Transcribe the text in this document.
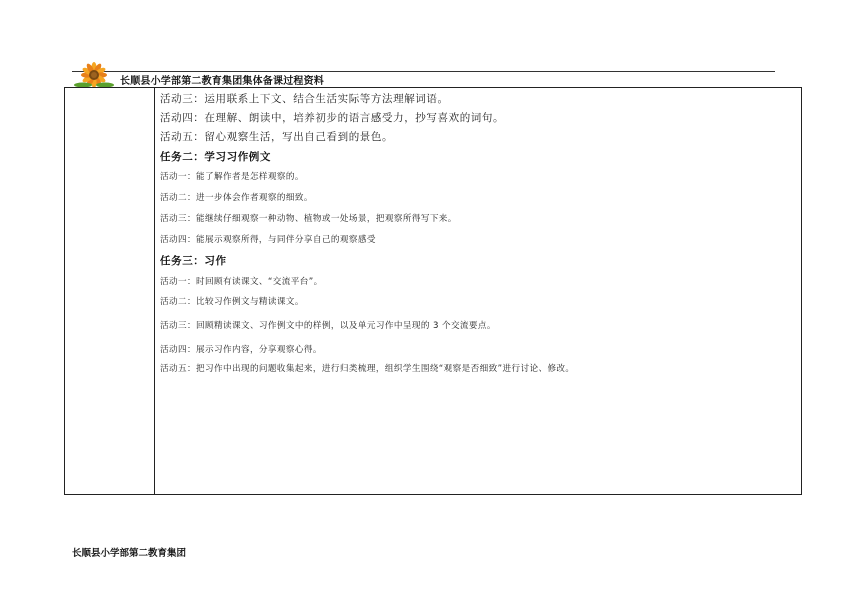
长顺县小学部第二教育集团集体备课过程资料
活动三：运用联系上下文、结合生活实际等方法理解词语。
活动四：在理解、朗读中，培养初步的语言感受力，抄写喜欢的词句。
活动五：留心观察生活，写出自己看到的景色。
任务二：学习习作例文
活动一：能了解作者是怎样观察的。
活动二：进一步体会作者观察的细致。
活动三：能继续仔细观察一种动物、植物或一处场景，把观察所得写下来。
活动四：能展示观察所得，与同伴分享自己的观察感受
任务三：习作
活动一：时回顾有读课文、“交流平台”。
活动二：比较习作例文与精读课文。
活动三：回顾精读课文、习作例文中的样例，以及单元习作中呈现的 3 个交流要点。
活动四：展示习作内容，分享观察心得。
活动五：把习作中出现的问题收集起来，进行归类梳理，组织学生围绕“观察是否细致”进行讨论、修改。
长顺县小学部第二教育集团
